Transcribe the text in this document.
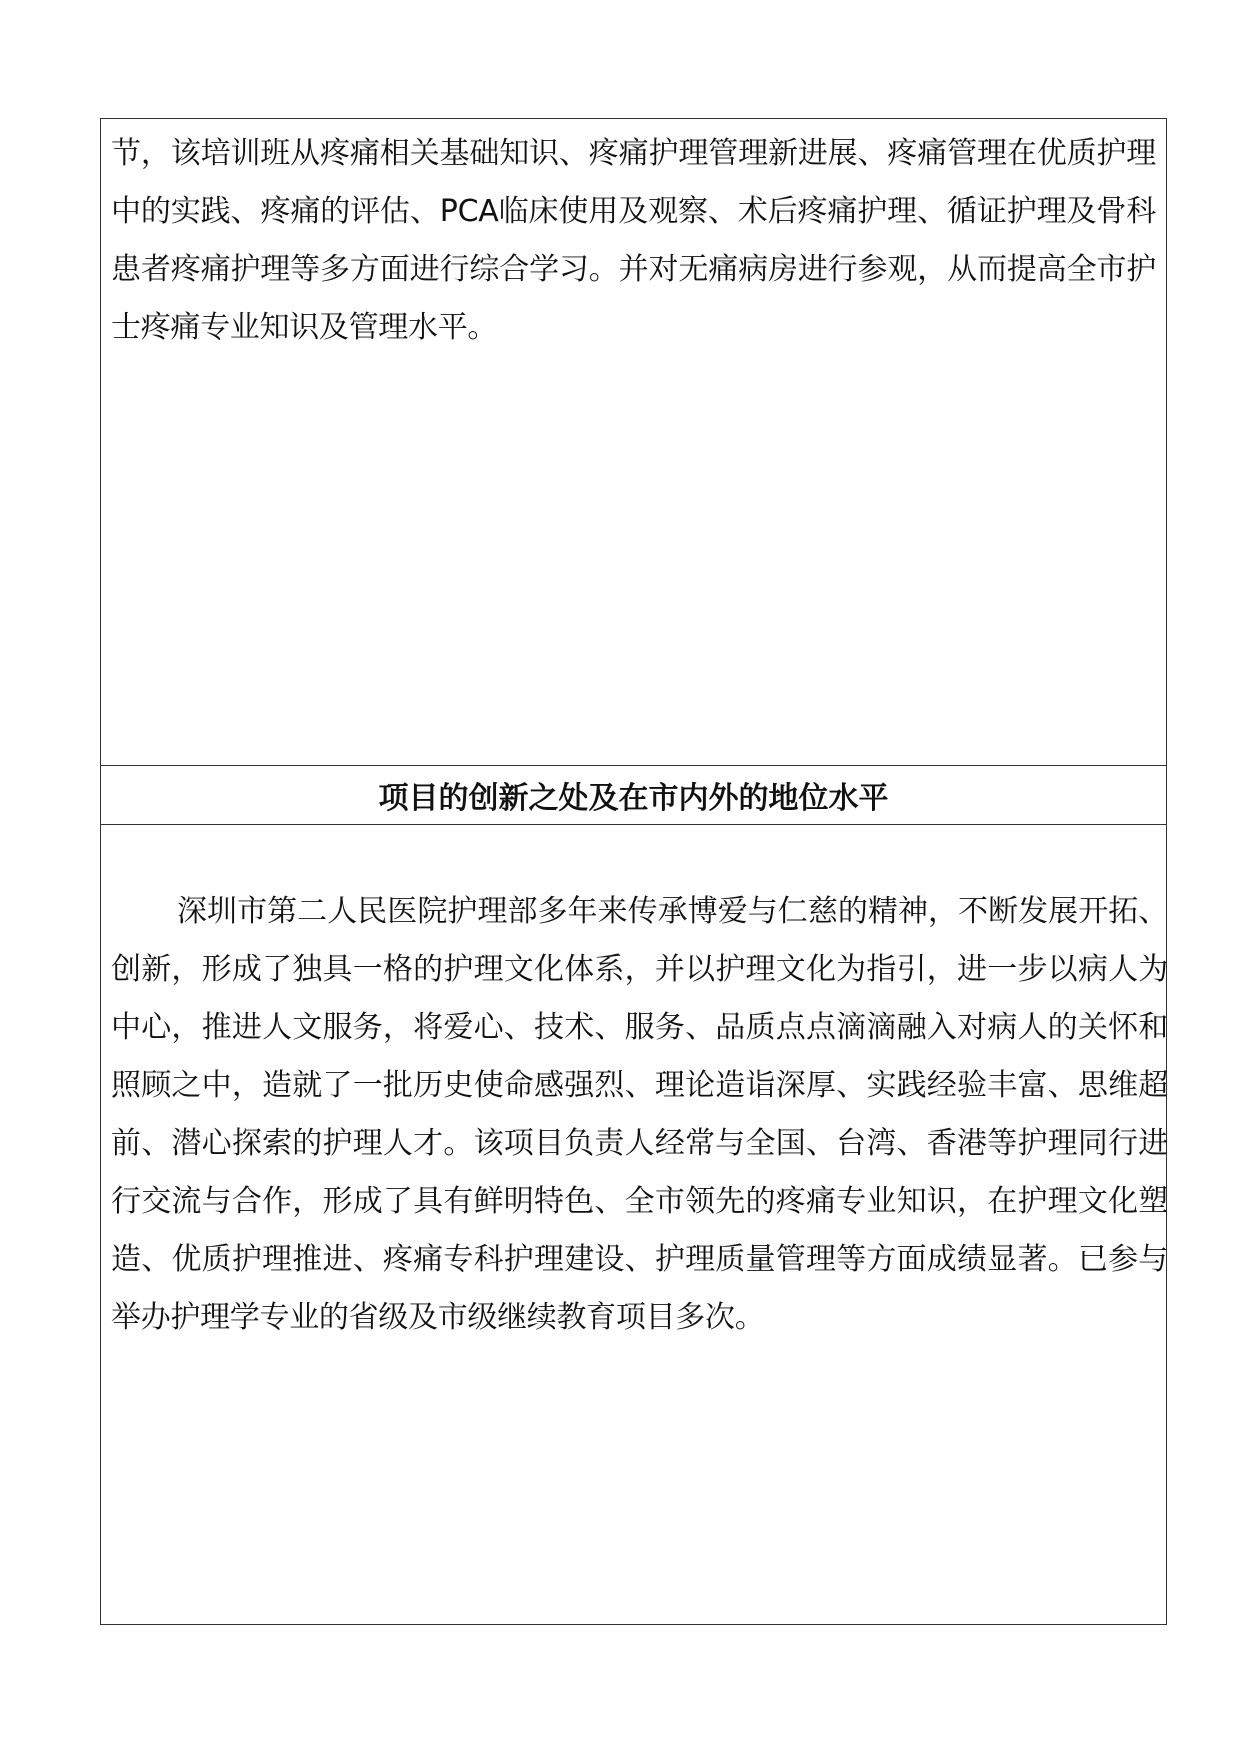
节，该培训班从疼痛相关基础知识、疼痛护理管理新进展、疼痛管理在优质护理中的实践、疼痛的评估、PCA临床使用及观察、术后疼痛护理、循证护理及骨科患者疼痛护理等多方面进行综合学习。并对无痛病房进行参观，从而提高全市护士疼痛专业知识及管理水平。

项目的创新之处及在市内外的地位水平

深圳市第二人民医院护理部多年来传承博爱与仁慈的精神，不断发展开拓、创新，形成了独具一格的护理文化体系，并以护理文化为指引，进一步以病人为中心，推进人文服务，将爱心、技术、服务、品质点点滴滴融入对病人的关怀和照顾之中，造就了一批历史使命感强烈、理论造诣深厚、实践经验丰富、思维超前、潜心探索的护理人才。该项目负责人经常与全国、台湾、香港等护理同行进行交流与合作，形成了具有鲜明特色、全市领先的疼痛专业知识，在护理文化塑造、优质护理推进、疼痛专科护理建设、护理质量管理等方面成绩显著。已参与举办护理学专业的省级及市级继续教育项目多次。
